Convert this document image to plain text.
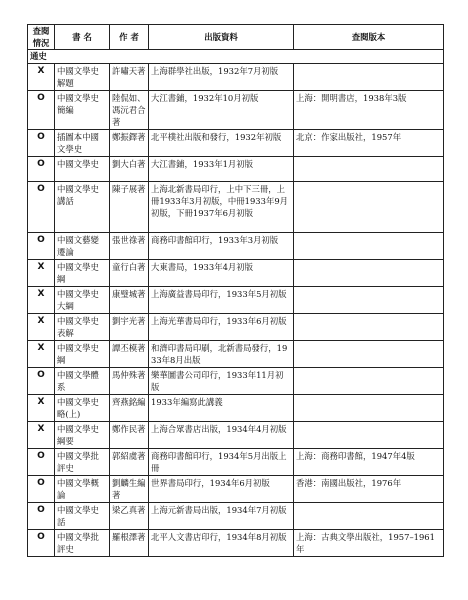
查閱情況	書 名	作 者	出版資料	查閱版本
通史				
X	中國文學史解題	許嘯天著	上海群學社出版，1932年7月初版	
O	中國文學史簡編	陸侃如、馮沅君合著	大江書鋪，1932年10月初版	上海：開明書店，1938年3版
O	插圖本中國文學史	鄭振鐸著	北平樸社出版和發行，1932年初版	北京：作家出版社，1957年
O	中國文學史	劉大白著	大江書鋪，1933年1月初版	
O	中國文學史講話	陳子展著	上海北新書局印行，上中下三冊，上冊1933年3月初版，中冊1933年9月初版，下冊1937年6月初版	
O	中國文藝變遷論	張世祿著	商務印書館印行，1933年3月初版	
X	中國文學史綱	童行白著	大東書局，1933年4月初版	
X	中國文學史大綱	康璧城著	上海廣益書局印行，1933年5月初版	
X	中國文學史表解	劉宇光著	上海光華書局印行，1933年6月初版	
X	中國文學史綱	譚丕模著	和濟印書局印刷，北新書局發行，1933年8月出版	
O	中國文學體系	馬仲殊著	樂華圖書公司印行，1933年11月初版	
X	中國文學史略(上)	齊燕銘編	1933年編寫此講義	
X	中國文學史綱要	鄭作民著	上海合眾書店出版，1934年4月初版	
O	中國文學批評史	郭紹虞著	商務印書館印行，1934年5月出版上冊	上海：商務印書館，1947年4版
O	中國文學概論	劉麟生編著	世界書局印行，1934年6月初版	香港：南國出版社，1976年
O	中國文學史話	梁乙真著	上海元新書局出版，1934年7月初版	
O	中國文學批評史	羅根澤著	北平人文書店印行，1934年8月初版	上海：古典文學出版社，1957–1961年
